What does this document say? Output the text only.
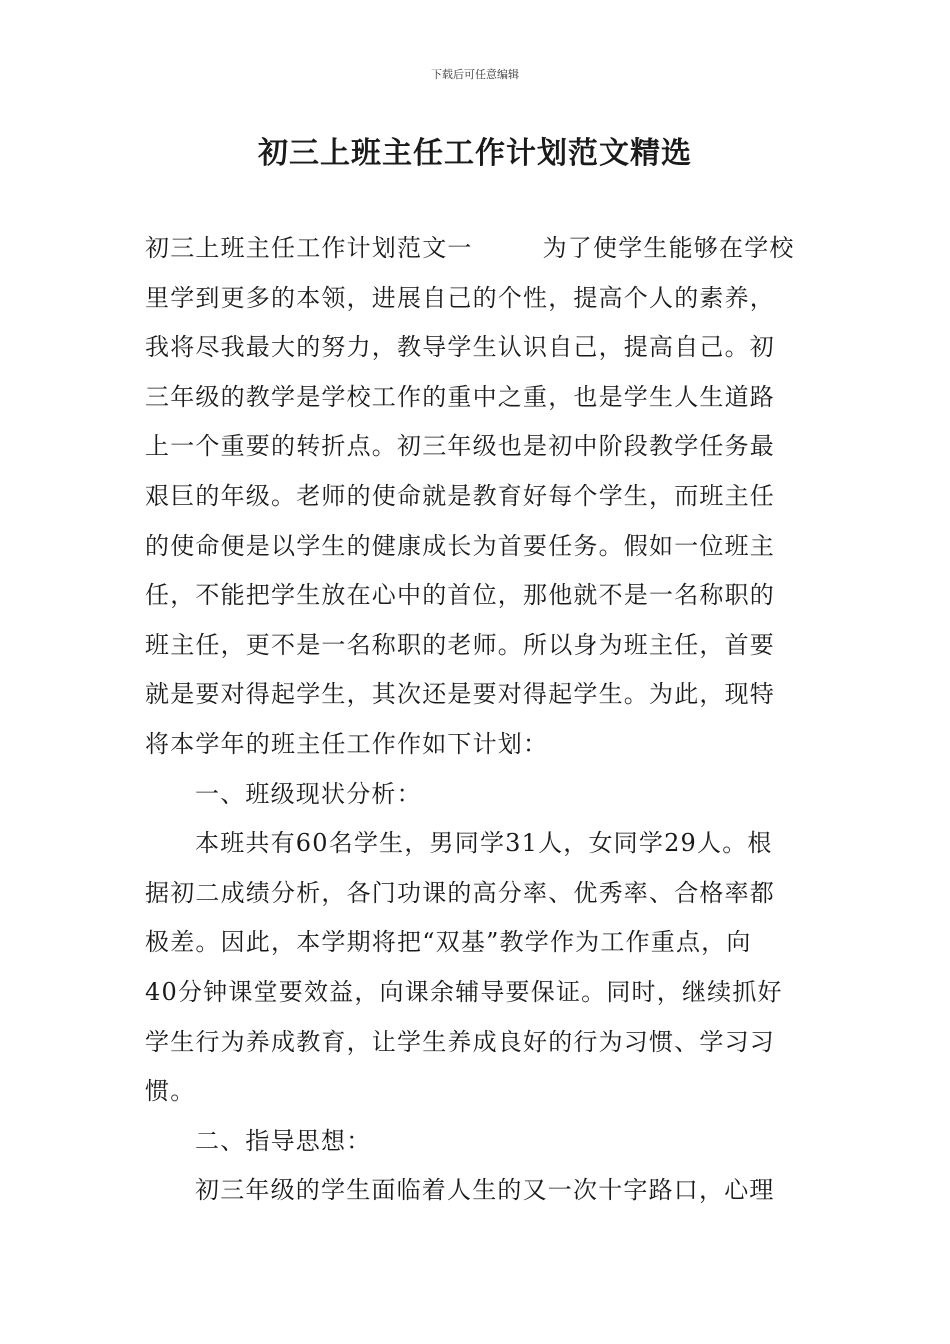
下载后可任意编辑
初三上班主任工作计划范文精选
初三上班主任工作计划范文一	为了使学生能够在学校
里学到更多的本领，进展自己的个性，提高个人的素养，
我将尽我最大的努力，教导学生认识自己，提高自己。初
三年级的教学是学校工作的重中之重，也是学生人生道路
上一个重要的转折点。初三年级也是初中阶段教学任务最
艰巨的年级。老师的使命就是教育好每个学生，而班主任
的使命便是以学生的健康成长为首要任务。假如一位班主
任，不能把学生放在心中的首位，那他就不是一名称职的
班主任，更不是一名称职的老师。所以身为班主任，首要
就是要对得起学生，其次还是要对得起学生。为此，现特
将本学年的班主任工作作如下计划：
一、班级现状分析：
本班共有60名学生，男同学31人，女同学29人。根
据初二成绩分析，各门功课的高分率、优秀率、合格率都
极差。因此，本学期将把“双基”教学作为工作重点，向
40分钟课堂要效益，向课余辅导要保证。同时，继续抓好
学生行为养成教育，让学生养成良好的行为习惯、学习习
惯。
二、指导思想：
初三年级的学生面临着人生的又一次十字路口，心理
